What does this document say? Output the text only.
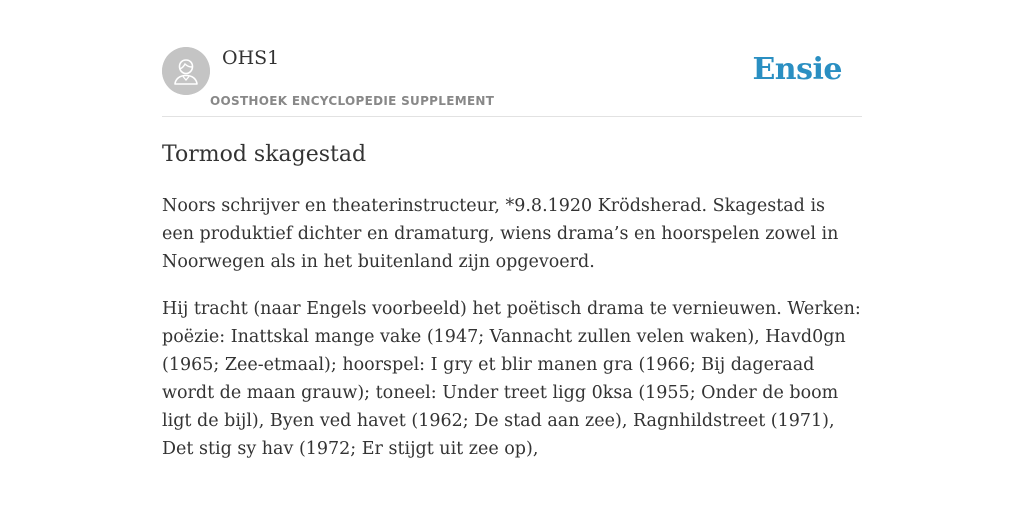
OHS1
OOSTHOEK ENCYCLOPEDIE SUPPLEMENT
Ensie
Tormod skagestad

Noors schrijver en theaterinstructeur, *9.8.1920 Krödsherad. Skagestad is een produktief dichter en dramaturg, wiens drama’s en hoorspelen zowel in Noorwegen als in het buitenland zijn opgevoerd.

Hij tracht (naar Engels voorbeeld) het poëtisch drama te vernieuwen. Werken: poëzie: Inattskal mange vake (1947; Vannacht zullen velen waken), Havd0gn (1965; Zee-etmaal); hoorspel: I gry et blir manen gra (1966; Bij dageraad wordt de maan grauw); toneel: Under treet ligg 0ksa (1955; Onder de boom ligt de bijl), Byen ved havet (1962; De stad aan zee), Ragnhildstreet (1971), Det stig sy hav (1972; Er stijgt uit zee op),
